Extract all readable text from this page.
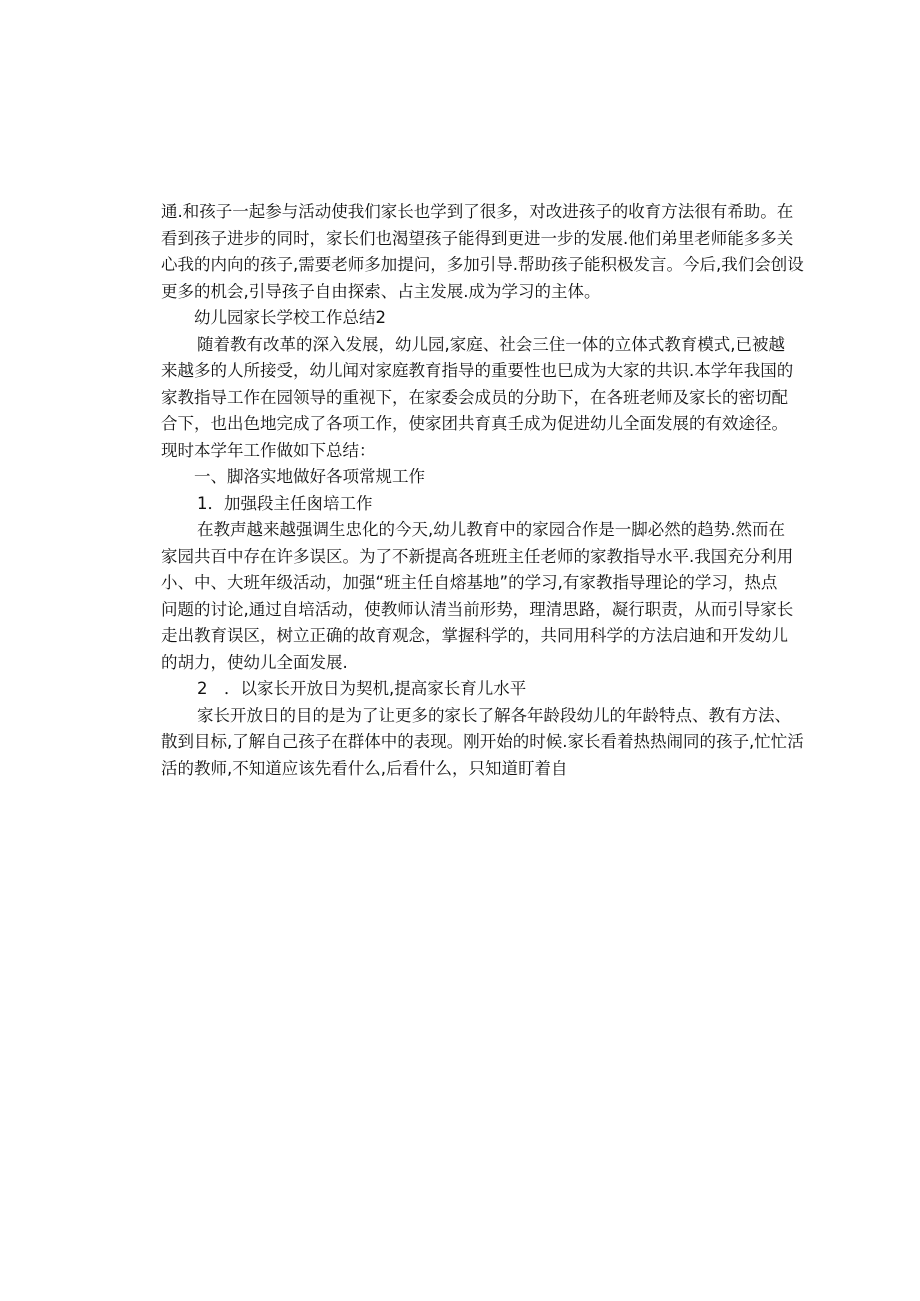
通.和孩子一起参与活动使我们家长也学到了很多，对改进孩子的收育方法很有希助。在

看到孩子进步的同时，家长们也渴望孩子能得到更进一步的发展.他们弟里老师能多多关

心我的内向的孩子,需要老师多加提问，多加引导.帮助孩子能积极发言。今后,我们会创设

更多的机会,引导孩子自由探索、占主发展.成为学习的主体。

幼儿园家长学校工作总结2

随着教有改革的深入发展，幼儿园,家庭、社会三住一体的立体式教育模式,已被越

来越多的人所接受，幼儿闻对家庭教育指导的重要性也巳成为大家的共识.本学年我国的

家教指导工作在园领导的重视下，在家委会成员的分助下，在各班老师及家长的密切配

合下，也出色地完成了各项工作，使家团共育真壬成为促进幼儿全面发展的有效途径。

现时本学年工作做如下总结：

一、脚洛实地做好各项常规工作

1．加强段主任囪培工作

在教声越来越强调生忠化的今天,幼儿教育中的家园合作是一脚必然的趋势.然而在

家园共百中存在许多误区。为了不新提高各班班主任老师的家教指导水平.我国充分利用

小、中、大班年级活动，加强“班主任自熔基地”的学习,有家教指导理论的学习，热点

问题的讨论,通过自培活动，使教师认清当前形势，理清思路，凝行职责，从而引导家长

走出教育误区，树立正确的故育观念，掌握科学的，共同用科学的方法启迪和开发幼儿

的胡力，使幼儿全面发展.

2　．以家长开放日为契机,提高家长育儿水平

家长开放日的目的是为了让更多的家长了解各年龄段幼儿的年龄特点、教有方法、

散到目标,了解自己孩子在群体中的表现。刚开始的时候.家长看着热热闹同的孩子,忙忙活

活的教师,不知道应该先看什么,后看什么，只知道盯着自
